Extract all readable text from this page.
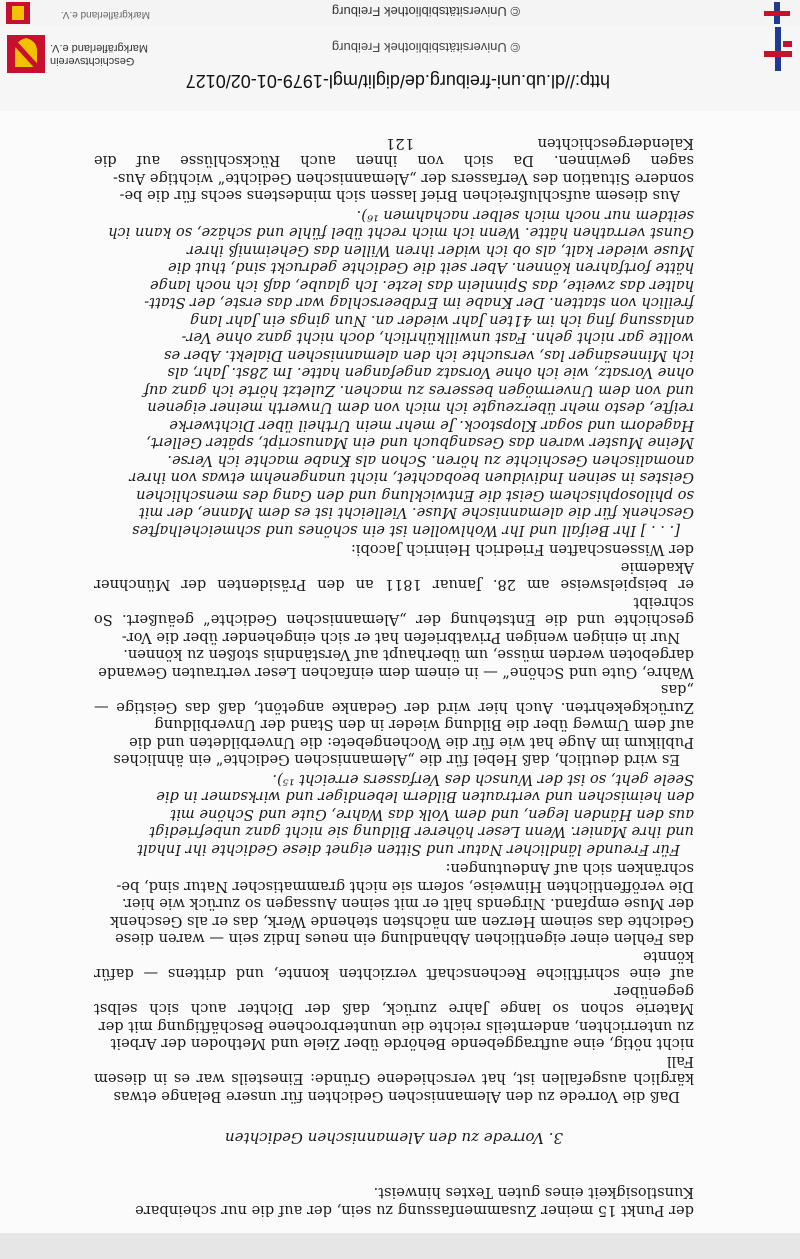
© Universitätsbibliothek Freiburg
Markgräflerland e.V.

der Punkt 15 meiner Zusammenfassung zu sein, der auf die nur scheinbare

Kunstlosigkeit eines guten Textes hinweist.

3. Vorrede zu den Alemannischen Gedichten

Daß die Vorrede zu den Alemannischen Gedichten für unsere Belange etwas

kärglich ausgefallen ist, hat verschiedene Gründe: Einesteils war es in diesem Fall

nicht nötig, eine auftraggebende Behörde über Ziele und Methoden der Arbeit

zu unterrichten, andernteils reichte die ununterbrochene Beschäftigung mit der

Materie schon so lange Jahre zurück, daß der Dichter auch sich selbst gegenüber

auf eine schriftliche Rechenschaft verzichten konnte, und drittens — dafür könnte

das Fehlen einer eigentlichen Abhandlung ein neues Indiz sein — waren diese

Gedichte das seinem Herzen am nächsten stehende Werk, das er als Geschenk

der Muse empfand. Nirgends hält er mit seinen Aussagen so zurück wie hier.

Die veröffentlichten Hinweise, sofern sie nicht grammatischer Natur sind, be-

schränken sich auf Andeutungen:

Für Freunde ländlicher Natur und Sitten eignet diese Gedichte ihr Inhalt

und ihre Manier. Wenn Leser höherer Bildung sie nicht ganz unbefriedigt

aus den Händen legen, und dem Volk das Wahre, Gute und Schöne mit

den heimischen und vertrauten Bildern lebendiger und wirksamer in die

Seele geht, so ist der Wunsch des Verfassers erreicht ¹⁵).

Es wird deutlich, daß Hebel für die „Alemannischen Gedichte“ ein ähnliches

Publikum im Auge hat wie für die Wochengebete: die Unverbildeten und die

auf dem Umweg über die Bildung wieder in den Stand der Unverbildung

Zurückgekehrten. Auch hier wird der Gedanke angetönt, daß das Geistige — „das

Wahre, Gute und Schöne“ — in einem dem einfachen Leser vertrauten Gewande

dargeboten werden müsse, um überhaupt auf Verständnis stoßen zu können.

Nur in einigen wenigen Privatbriefen hat er sich eingehender über die Vor-

geschichte und die Entstehung der „Alemannischen Gedichte“ geäußert. So schreibt

er beispielsweise am 28. Januar 1811 an den Präsidenten der Münchner Akademie

der Wissenschaften Friedrich Heinrich Jacobi:

[. . . ] Ihr Beifall und Ihr Wohlwollen ist ein schönes und schmeichelhaftes

Geschenk für die alemannische Muse. Vielleicht ist es dem Manne, der mit

so philosophischem Geist die Entwicklung und den Gang des menschlichen

Geistes in seinen Individuen beobachtet, nicht unangenehm etwas von ihrer

anomalischen Geschichte zu hören. Schon als Knabe machte ich Verse.

Meine Muster waren das Gesangbuch und ein Manuscript, später Gellert,

Hagedorn und sogar Klopstock. Je mehr mein Urtheil über Dichtwerke

reifte, desto mehr überzeugte ich mich von dem Unwerth meiner eigenen

und von dem Unvermögen besseres zu machen. Zuletzt hörte ich ganz auf

ohne Vorsatz, wie ich ohne Vorsatz angefangen hatte. Im 28st. Jahr, als

ich Minnesänger las, versuchte ich den alemannischen Dialekt. Aber es

wollte gar nicht gehn. Fast unwillkührlich, doch nicht ganz ohne Ver-

anlassung fing ich im 41ten Jahr wieder an. Nun gings ein Jahr lang

freilich von statten. Der Knabe im Erdbeerschlag war das erste, der Statt-

halter das zweite, das Spinnlein das lezte. Ich glaube, daß ich noch lange

hätte fortfahren können. Aber seit die Gedichte gedruckt sind, thut die

Muse wieder kalt, als ob ich wider ihren Willen das Geheimniß ihrer

Gunst verrathen hätte. Wenn ich mich recht übel fühle und schäze, so kann ich

seitdem nur noch mich selber nachahmen ¹⁶).

Aus diesem aufschlußreichen Brief lassen sich mindestens sechs für die be-

sondere Situation des Verfassers der „Alemannischen Gedichte“ wichtige Aus-

sagen gewinnen. Da sich von ihnen auch Rückschlüsse auf die Kalendergeschichten

121
http://dl.ub.uni-freiburg.de/diglit/mgl-1979-01-02/0127
© Universitätsbibliothek Freiburg
Geschichtsverein Markgräflerland e.V.
